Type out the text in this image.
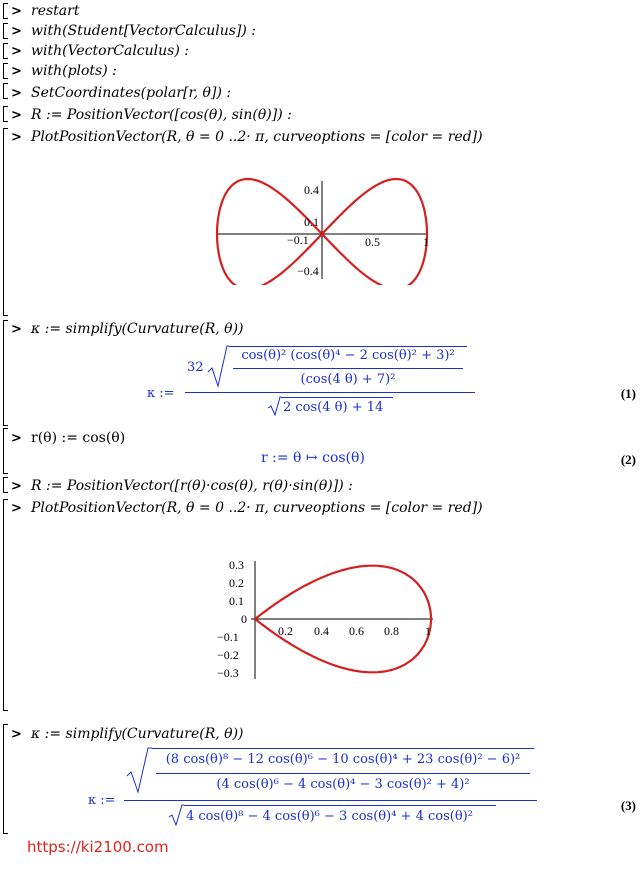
> restart
> with(Student[VectorCalculus]) :
> with(VectorCalculus) :
> with(plots) :
> SetCoordinates(polar[r, θ]) :
> R := PositionVector([cos(θ), sin(θ)]) :
> PlotPositionVector(R, θ = 0 ..2· π, curveoptions = [color = red])
0.4
0.1
−0.1	0.5	1
−0.4
> κ := simplify(Curvature(R, θ))
κ :=
32
cos(θ)² (cos(θ)⁴ − 2 cos(θ)² + 3)²
(cos(4 θ) + 7)²
2 cos(4 θ) + 14
(1)
> r(θ) := cos(θ)
r := θ ↦ cos(θ)	(2)
> R := PositionVector([r(θ)·cos(θ), r(θ)·sin(θ)]) :
> PlotPositionVector(R, θ = 0 ..2· π, curveoptions = [color = red])
0.3
0.2
0.1
0
−0.1
−0.2
−0.3
0.2 0.4 0.6 0.8 1
> κ := simplify(Curvature(R, θ))
κ :=
(8 cos(θ)⁸ − 12 cos(θ)⁶ − 10 cos(θ)⁴ + 23 cos(θ)² − 6)²
(4 cos(θ)⁶ − 4 cos(θ)⁴ − 3 cos(θ)² + 4)²
4 cos(θ)⁸ − 4 cos(θ)⁶ − 3 cos(θ)⁴ + 4 cos(θ)²
(3)
https://ki2100.com
